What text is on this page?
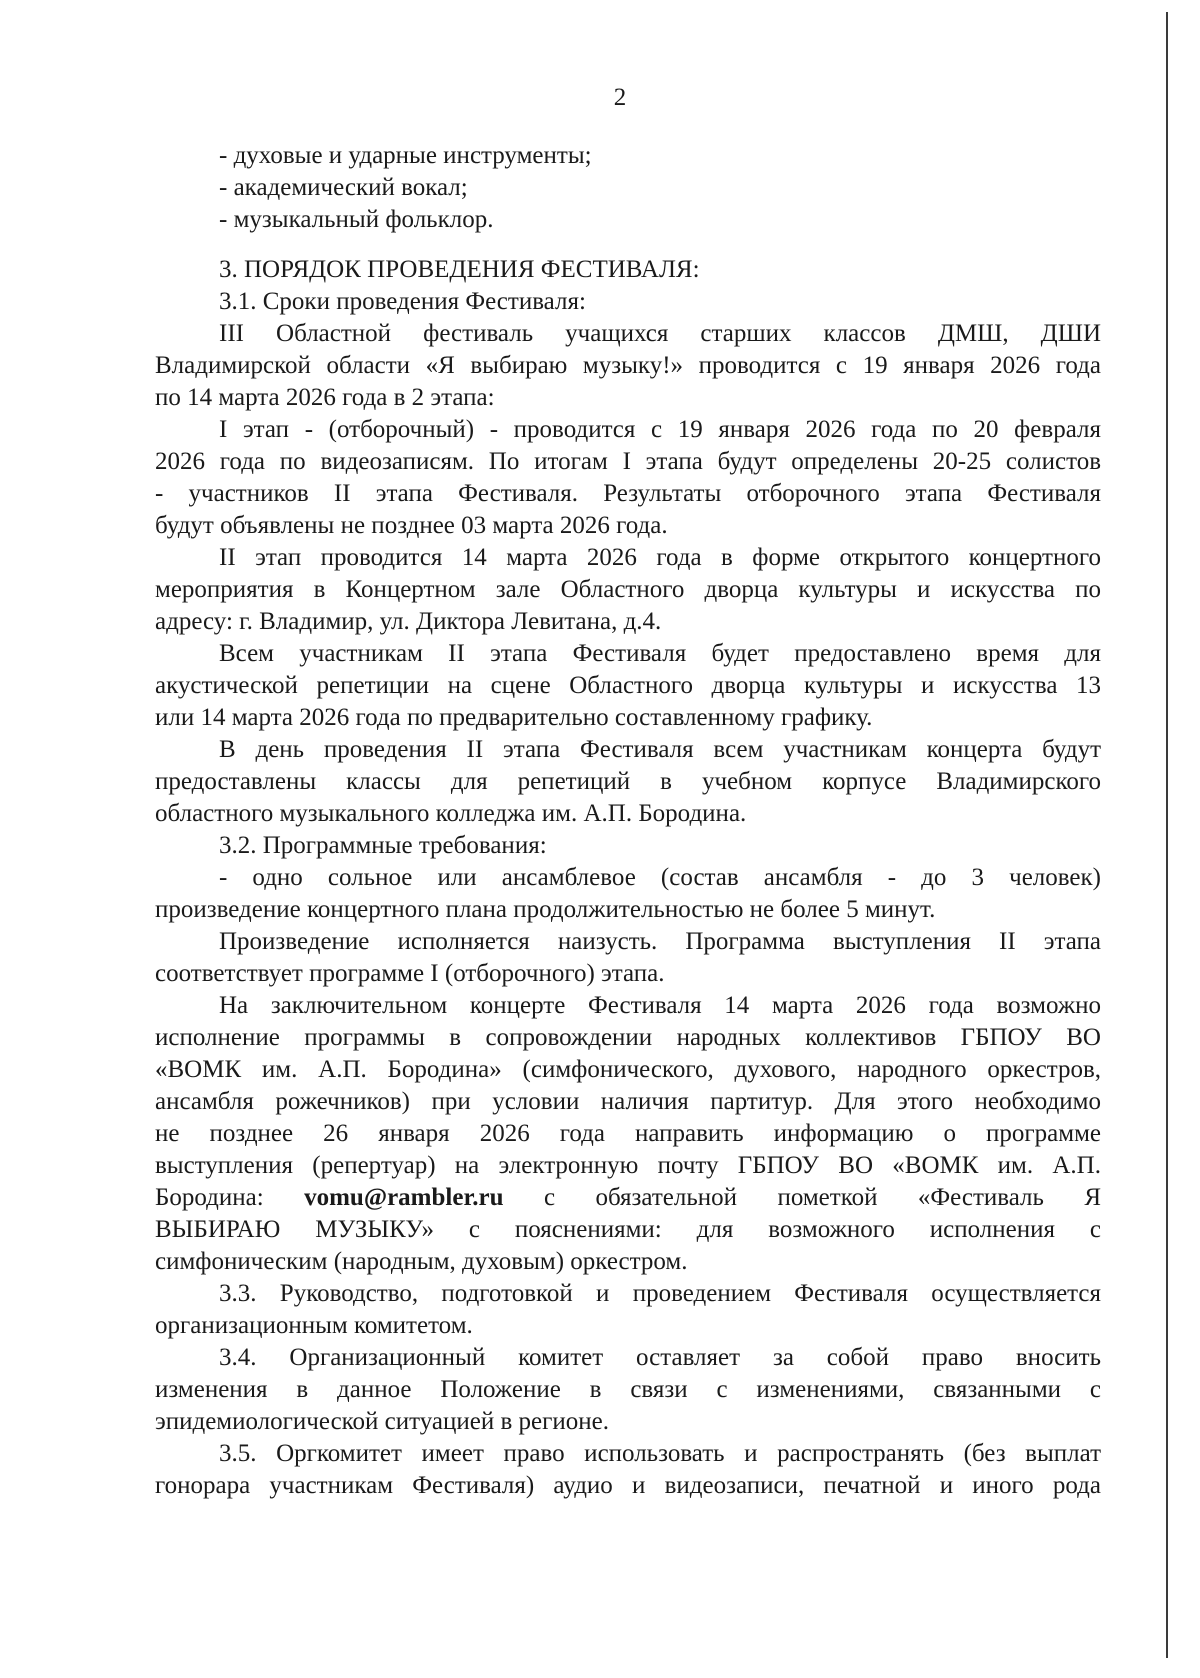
2
- духовые и ударные инструменты;
- академический вокал;
- музыкальный фольклор.
3. ПОРЯДОК ПРОВЕДЕНИЯ ФЕСТИВАЛЯ:
3.1. Сроки проведения Фестиваля:
III Областной фестиваль учащихся старших классов ДМШ, ДШИ
Владимирской области «Я выбираю музыку!» проводится с 19 января 2026 года
по 14 марта 2026 года в 2 этапа:
I этап - (отборочный) - проводится с 19 января 2026 года по 20 февраля
2026 года по видеозаписям. По итогам I этапа будут определены 20-25 солистов
- участников II этапа Фестиваля. Результаты отборочного этапа Фестиваля
будут объявлены не позднее 03 марта 2026 года.
II этап проводится 14 марта 2026 года в форме открытого концертного
мероприятия в Концертном зале Областного дворца культуры и искусства по
адресу: г. Владимир, ул. Диктора Левитана, д.4.
Всем участникам II этапа Фестиваля будет предоставлено время для
акустической репетиции на сцене Областного дворца культуры и искусства 13
или 14 марта 2026 года по предварительно составленному графику.
В день проведения II этапа Фестиваля всем участникам концерта будут
предоставлены классы для репетиций в учебном корпусе Владимирского
областного музыкального колледжа им. А.П. Бородина.
3.2. Программные требования:
- одно сольное или ансамблевое (состав ансамбля - до 3 человек)
произведение концертного плана продолжительностью не более 5 минут.
Произведение исполняется наизусть. Программа выступления II этапа
соответствует программе I (отборочного) этапа.
На заключительном концерте Фестиваля 14 марта 2026 года возможно
исполнение программы в сопровождении народных коллективов ГБПОУ ВО
«ВОМК им. А.П. Бородина» (симфонического, духового, народного оркестров,
ансамбля рожечников) при условии наличия партитур. Для этого необходимо
не позднее 26 января 2026 года направить информацию о программе
выступления (репертуар) на электронную почту ГБПОУ ВО «ВОМК им. А.П.
Бородина: vomu@rambler.ru с обязательной пометкой «Фестиваль Я
ВЫБИРАЮ МУЗЫКУ» с пояснениями: для возможного исполнения с
симфоническим (народным, духовым) оркестром.
3.3. Руководство, подготовкой и проведением Фестиваля осуществляется
организационным комитетом.
3.4. Организационный комитет оставляет за собой право вносить
изменения в данное Положение в связи с изменениями, связанными с
эпидемиологической ситуацией в регионе.
3.5. Оргкомитет имеет право использовать и распространять (без выплат
гонорара участникам Фестиваля) аудио и видеозаписи, печатной и иного рода
